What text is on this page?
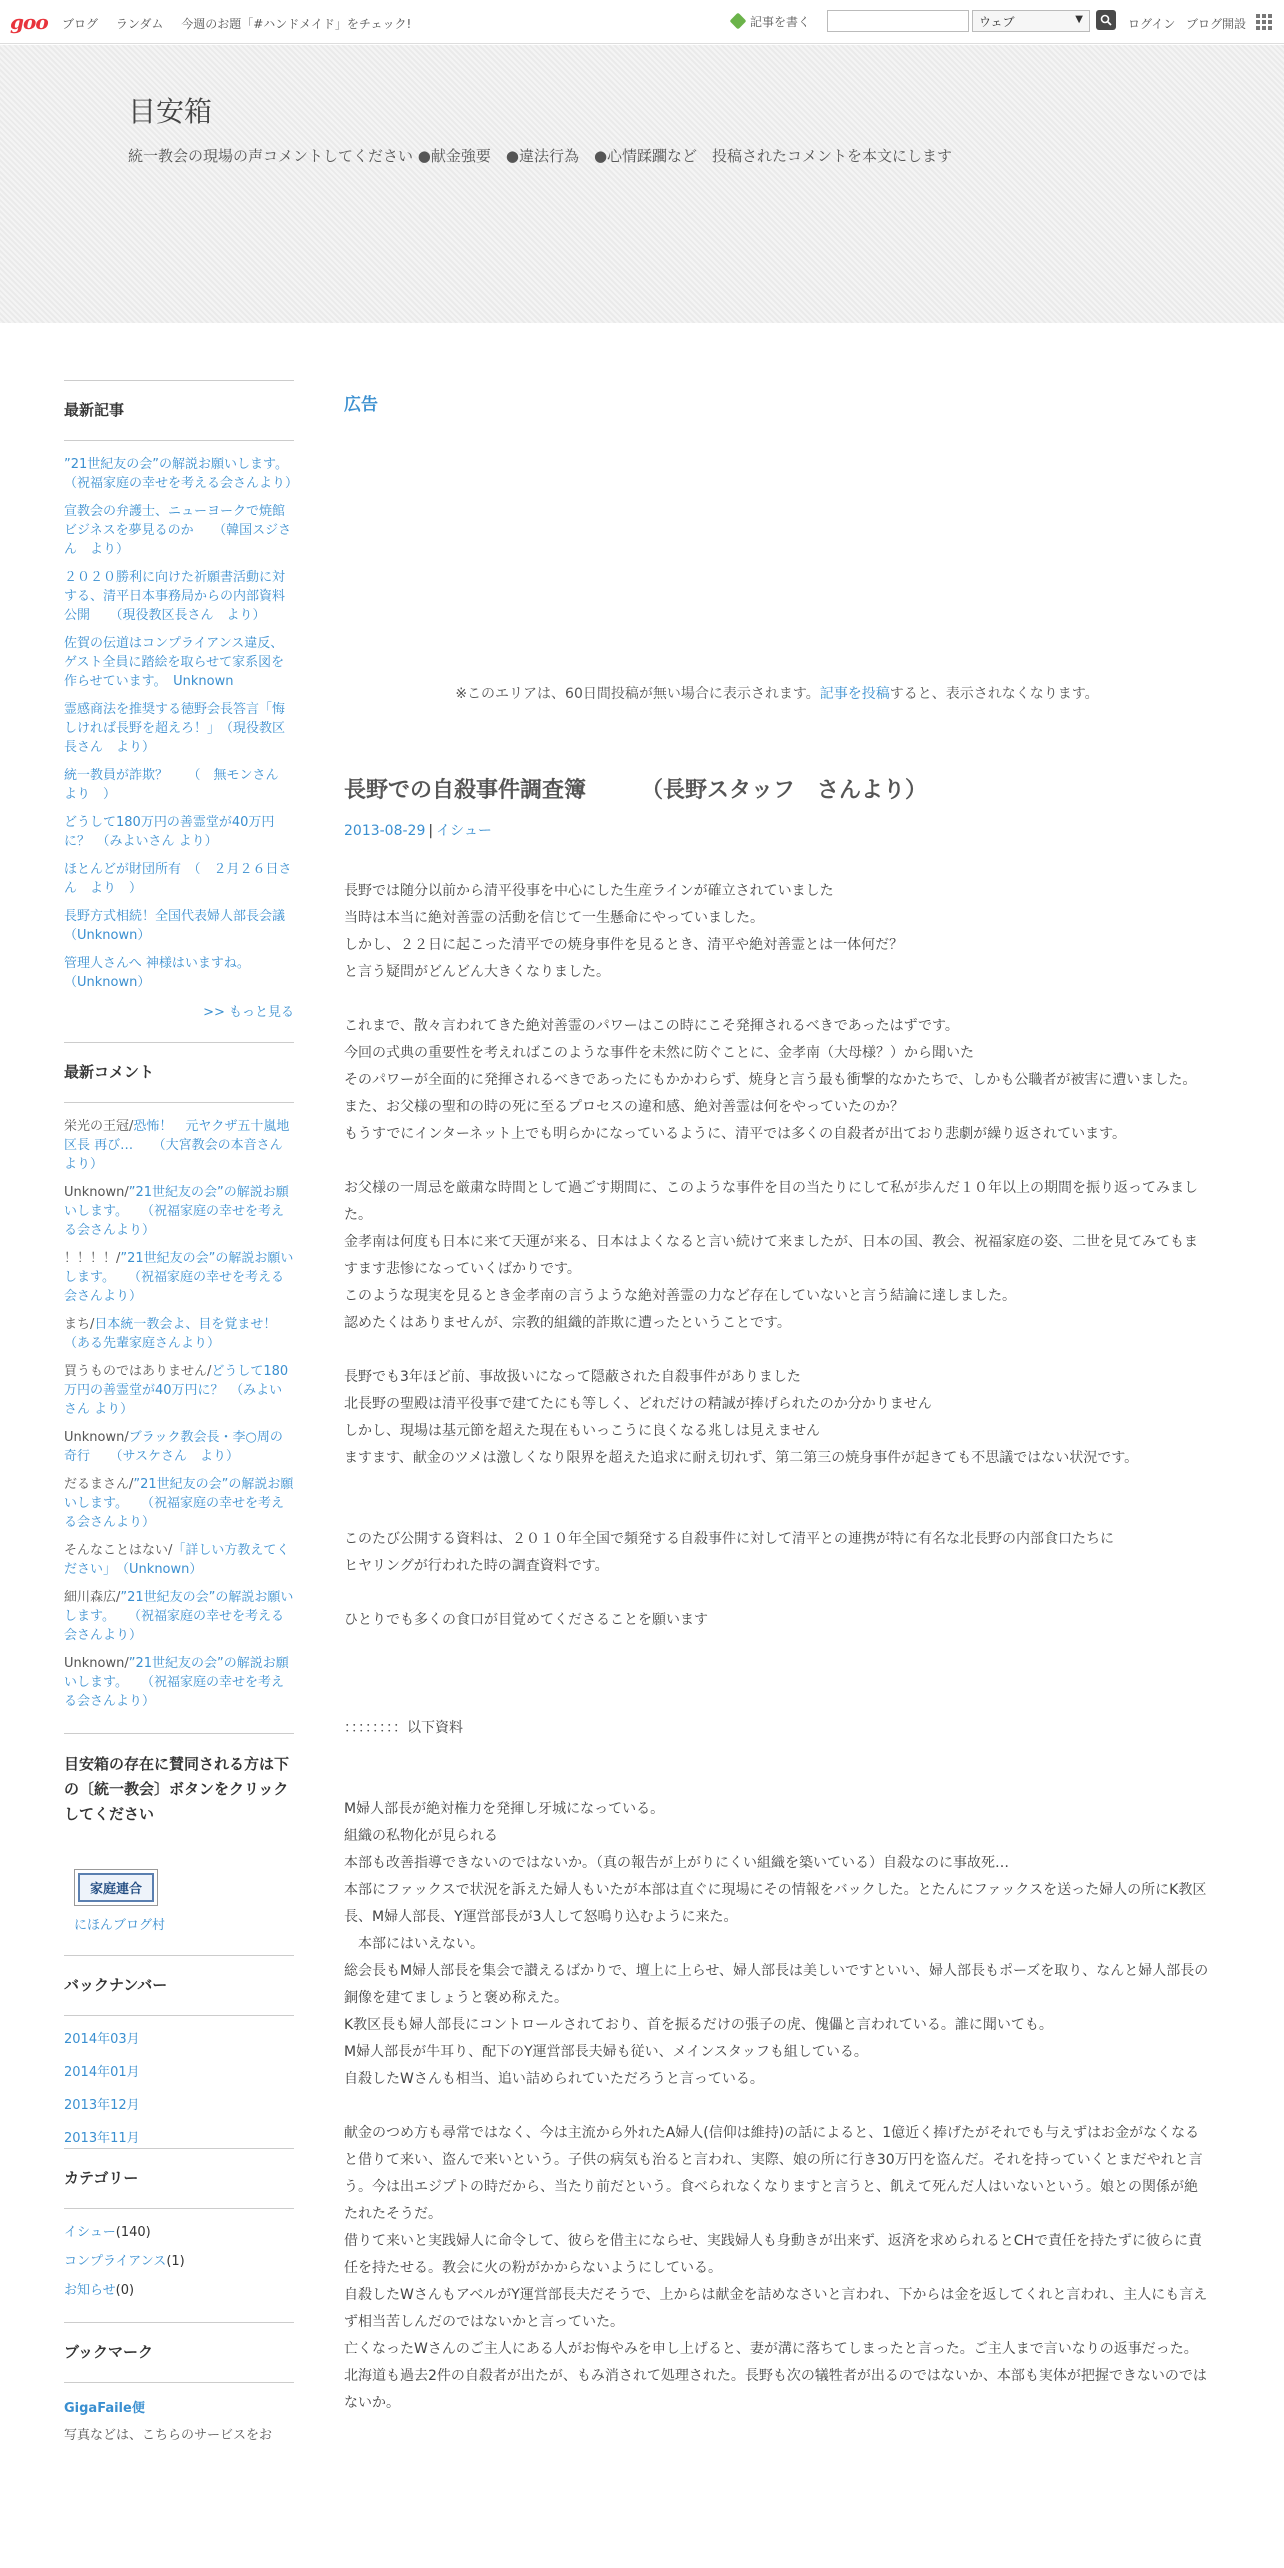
goo ブログ ランダム 今週のお題「#ハンドメイド」をチェック!	記事を書く	ウェブ	▼	ログイン ブログ開設
目安箱
統一教会の現場の声コメントしてください ●献金強要　●違法行為　●心情蹂躙など　投稿されたコメントを本文にします
最新記事
”21世紀友の会”の解説お願いします。　　（祝福家庭の幸せを考える会さんより）
宣教会の弁護士、ニューヨークで焼館ビジネスを夢見るのか　　 （韓国スジさん　より）
２０２０勝利に向けた祈願書活動に対する、清平日本事務局からの内部資料公開　　 （現役教区長さん　より）
佐賀の伝道はコンプライアンス違反、ゲスト全員に踏絵を取らせて家系図を作らせています。　 Unknown
霊感商法を推奨する徳野会長答言「悔しければ長野を超えろ！」　 （現役教区長さん　より）
統一教員が詐欺？　　 （　無モンさん　より　）
どうして180万円の善霊堂が40万円に？　 （みよいさん より）
ほとんどが財団所有　 （　２月２６日さん　より　）
長野方式相続！全国代表婦人部長会議　　　（Unknown）
管理人さんへ 神様はいますね。　　（Unknown）
>> もっと見る
最新コメント
栄光の王冠/恐怖！　元ヤクザ五十嵐地区長 再び…　　 （大宮教会の本音さんより）
Unknown/”21世紀友の会”の解説お願いします。　　 （祝福家庭の幸せを考える会さんより）
！！！！/”21世紀友の会”の解説お願いします。　　 （祝福家庭の幸せを考える会さんより）
まち/日本統一教会よ、目を覚ませ！　　（ある先輩家庭さんより）
買うものではありません/どうして180万円の善霊堂が40万円に？　 （みよいさん より）
Unknown/ブラック教会長・李○周の奇行　　 （サスケさん　より）
だるまさん/”21世紀友の会”の解説お願いします。　　 （祝福家庭の幸せを考える会さんより）
そんなことはない/「詳しい方教えてください」　 （Unknown）
細川森広/”21世紀友の会”の解説お願いします。　　 （祝福家庭の幸せを考える会さんより）
Unknown/”21世紀友の会”の解説お願いします。　　 （祝福家庭の幸せを考える会さんより）
目安箱の存在に賛同される方は下の〔統一教会〕ボタンをクリックしてください
家庭連合
にほんブログ村
バックナンバー
2014年03月
2014年01月
2013年12月
2013年11月
カテゴリー
イシュー(140)
コンプライアンス(1)
お知らせ(0)
ブックマーク
GigaFaile便
写真などは、こちらのサービスをお
広告
※このエリアは、60日間投稿が無い場合に表示されます。記事を投稿すると、表示されなくなります。
長野での自殺事件調査簿　　　（長野スタッフ　さんより）
2013-08-29 | イシュー

長野では随分以前から清平役事を中心にした生産ラインが確立されていました

当時は本当に絶対善霊の活動を信じて一生懸命にやっていました。

しかし、２２日に起こった清平での焼身事件を見るとき、清平や絶対善霊とは一体何だ？

と言う疑問がどんどん大きくなりました。

これまで、散々言われてきた絶対善霊のパワーはこの時にこそ発揮されるべきであったはずです。

今回の式典の重要性を考えればこのような事件を未然に防ぐことに、金孝南（大母様？）から聞いた

そのパワーが全面的に発揮されるべきであったにもかかわらず、焼身と言う最も衝撃的なかたちで、しかも公職者が被害に遭いました。

また、お父様の聖和の時の死に至るプロセスの違和感、絶対善霊は何をやっていたのか？

もうすでにインターネット上でも明らかになっているように、清平では多くの自殺者が出ており悲劇が繰り返されています。

お父様の一周忌を厳粛な時間として過ごす期間に、このような事件を目の当たりにして私が歩んだ１０年以上の期間を振り返ってみました。

金孝南は何度も日本に来て天運が来る、日本はよくなると言い続けて来ましたが、日本の国、教会、祝福家庭の姿、二世を見てみてもますます悲惨になっていくばかりです。

このような現実を見るとき金孝南の言うような絶対善霊の力など存在していないと言う結論に達しました。

認めたくはありませんが、宗教的組織的詐欺に遭ったということです。

長野でも3年ほど前、事故扱いになって隠蔽された自殺事件がありました

北長野の聖殿は清平役事で建てたにも等しく、どれだけの精誠が捧げられたのか分かりません

しかし、現場は基元節を超えた現在もいっこうに良くなる兆しは見えません

ますます、献金のツメは激しくなり限界を超えた追求に耐え切れず、第二第三の焼身事件が起きても不思議ではない状況です。

このたび公開する資料は、２０１０年全国で頻発する自殺事件に対して清平との連携が特に有名な北長野の内部食口たちに

ヒヤリングが行われた時の調査資料です。

ひとりでも多くの食口が目覚めてくださることを願います

：：：：：：：：以下資料

M婦人部長が絶対権力を発揮し牙城になっている。

組織の私物化が見られる

本部も改善指導できないのではないか。（真の報告が上がりにくい組織を築いている）自殺なのに事故死…

本部にファックスで状況を訴えた婦人もいたが本部は直ぐに現場にその情報をバックした。とたんにファックスを送った婦人の所にK教区長、M婦人部長、Y運営部長が3人して怒鳴り込むように来た。

　本部にはいえない。

総会長もM婦人部長を集会で讃えるばかりで、壇上に上らせ、婦人部長は美しいですといい、婦人部長もポーズを取り、なんと婦人部長の銅像を建てましょうと褒め称えた。

K教区長も婦人部長にコントロールされており、首を振るだけの張子の虎、傀儡と言われている。誰に聞いても。

M婦人部長が牛耳り、配下のY運営部長夫婦も従い、メインスタッフも組している。

自殺したWさんも相当、追い詰められていただろうと言っている。

献金のつめ方も尋常ではなく、今は主流から外れたA婦人(信仰は維持)の話によると、1億近く捧げたがそれでも与えずはお金がなくなると借りて来い、盗んで来いという。子供の病気も治ると言われ、実際、娘の所に行き30万円を盗んだ。それを持っていくとまだやれと言う。今は出エジプトの時だから、当たり前だという。食べられなくなりますと言うと、飢えて死んだ人はいないという。娘との関係が絶たれたそうだ。

借りて来いと実践婦人に命令して、彼らを借主にならせ、実践婦人も身動きが出来ず、返済を求められるとCHで責任を持たずに彼らに責任を持たせる。教会に火の粉がかからないようにしている。

自殺したWさんもアベルがY運営部長夫だそうで、上からは献金を詰めなさいと言われ、下からは金を返してくれと言われ、主人にも言えず相当苦しんだのではないかと言っていた。

亡くなったWさんのご主人にある人がお悔やみを申し上げると、妻が溝に落ちてしまったと言った。ご主人まで言いなりの返事だった。

北海道も過去2件の自殺者が出たが、もみ消されて処理された。長野も次の犠牲者が出るのではないか、本部も実体が把握できないのではないか。
